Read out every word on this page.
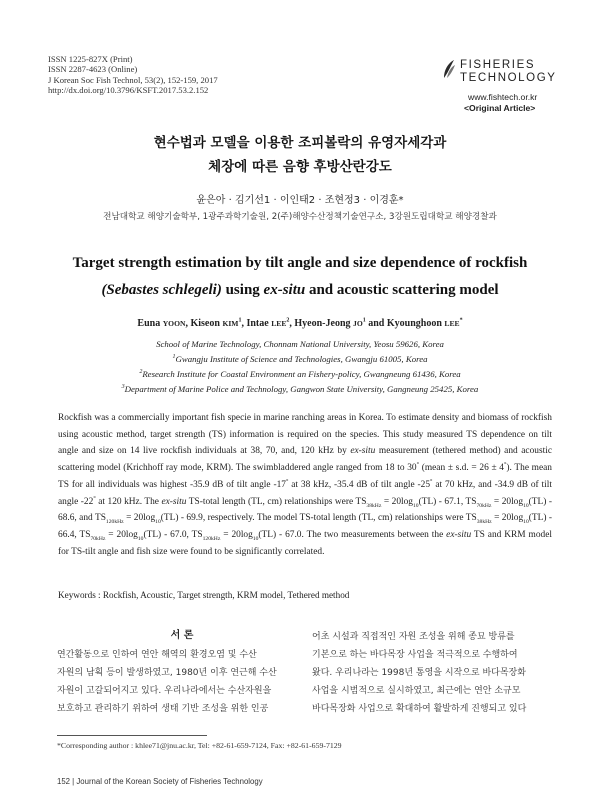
ISSN 1225-827X (Print)
ISSN 2287-4623 (Online)
J Korean Soc Fish Technol, 53(2), 152-159, 2017
http://dx.doi.org/10.3796/KSFT.2017.53.2.152
FISHERIES
TECHNOLOGY
www.fishtech.or.kr
<Original Article>
현수법과 모델을 이용한 조피볼락의 유영자세각과
체장에 따른 음향 후방산란강도
윤은아 · 김기선1 · 이인태2 · 조현정3 · 이경훈*
전남대학교 해양기술학부, 1광주과학기술원, 2(주)해양수산정책기술연구소, 3강원도립대학교 해양경찰과
Target strength estimation by tilt angle and size dependence of rockfish
(Sebastes schlegeli) using ex-situ and acoustic scattering model
Euna YOON, Kiseon KIM$^1$, Intae LEE$^2$, Hyeon-Jeong $JO^1$ and Kyounghoon LEE*
School of Marine Technology, Chonnam National University, Yeosu 59626, Korea
$^1$Gwangju Institute of Science and Technologies, Gwangju 61005, Korea
$^2$Research Institute for Coastal Environment an Fishery-policy, Gwangneung 61436, Korea
$^3$Department of Marine Police and Technology, Gangwon State University, Gangneung 25425, Korea

Rockfish was a commercially important fish specie in marine ranching areas in Korea. To estimate density and biomass of rockfish using acoustic method, target strength (TS) information is required on the species. This study measured TS dependence on tilt angle and size on 14 live rockfish individuals at 38, 70, and, 120 kHz by ex-situ measurement (tethered method) and acoustic scattering model (Krichhoff ray mode, KRM). The swimbladdered angle ranged from 18 to 30° (mean ± s.d. = 26 ± 4°). The mean TS for all individuals was highest -35.9 dB of tilt angle -17° at 38 kHz, -35.4 dB of tilt angle -25° at 70 kHz, and -34.9 dB of tilt angle -22° at 120 kHz. The ex-situ TS-total length (TL, cm) relationships were $TS_{38kHz} = 20\log_{10}(TL) - 67.1$, $TS_{70kHz} = 20\log_{10}(TL) - 68.6$, and $TS_{120kHz} = 20\log_{10}(TL) - 69.9$, respectively. The model TS-total length (TL, cm) relationships were $TS_{38kHz} = 20\log_{10}(TL) - 66.4$, $TS_{70kHz} = 20\log_{10}(TL) - 67.0$, $TS_{120kHz} = 20\log_{10}(TL) - 67.0$. The two measurements between the ex-situ TS and KRM model for TS-tilt angle and fish size were found to be significantly correlated.

Keywords : Rockfish, Acoustic, Target strength, KRM model, Tethered method
서 론
연간활동으로 인하여 연안 해역의 환경오염 및 수산
자원의 남획 등이 발생하였고, 1980년 이후 연근해 수산
자원이 고갈되어지고 있다. 우리나라에서는 수산자원을
보호하고 관리하기 위하여 생태 기반 조성을 위한 인공
어초 시설과 직접적인 자원 조성을 위해 종묘 방류를
기본으로 하는 바다목장 사업을 적극적으로 수행하여
왔다. 우리나라는 1998년 통영을 시작으로 바다목장화
사업을 시범적으로 실시하였고, 최근에는 연안 소규모
바다목장화 사업으로 확대하여 활발하게 진행되고 있다
*Corresponding author : khlee71@jnu.ac.kr, Tel: +82-61-659-7124, Fax: +82-61-659-7129
152 | Journal of the Korean Society of Fisheries Technology
